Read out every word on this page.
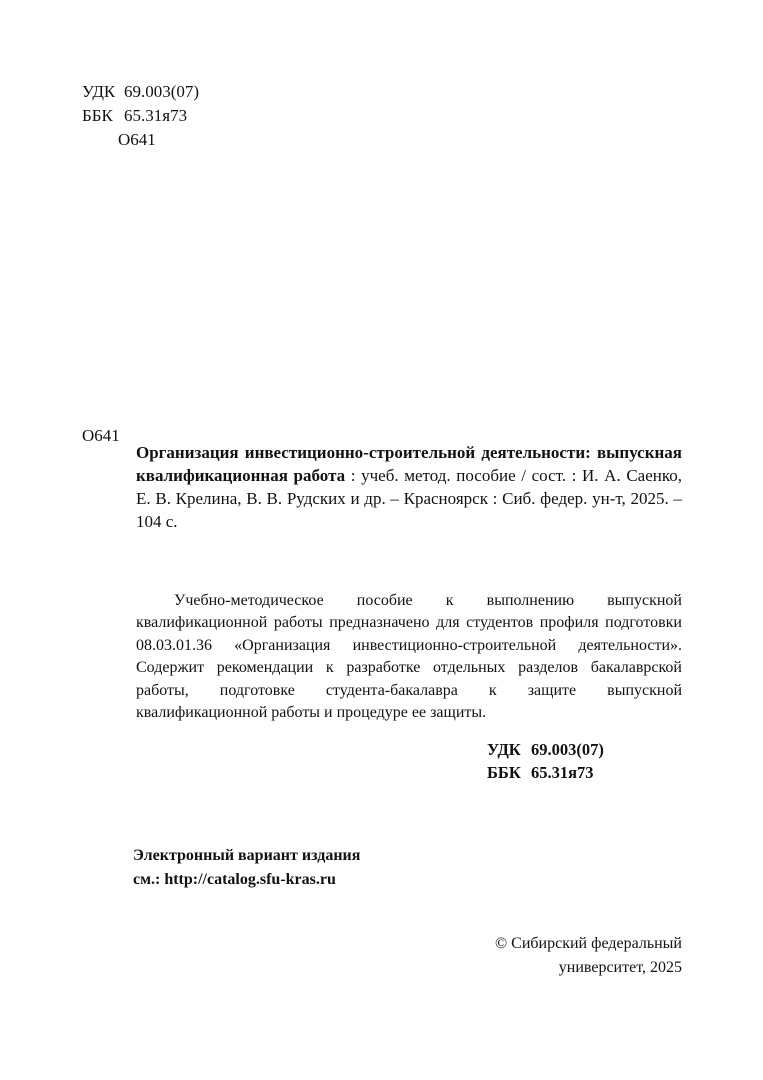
УДК 69.003(07)
ББК 65.31я73
О641
О641

Организация инвестиционно-строительной деятельности: выпускная квалификационная работа : учеб. метод. пособие / сост. : И. А. Саенко, Е. В. Крелина, В. В. Рудских и др. – Красноярск : Сиб. федер. ун-т, 2025. – 104 с.

Учебно-методическое пособие к выполнению выпускной квалификационной работы предназначено для студентов профиля подготовки 08.03.01.36 «Организация инвестиционно-строительной деятельности». Содержит рекомендации к разработке отдельных разделов бакалаврской работы, подготовке студента-бакалавра к защите выпускной квалификационной работы и процедуре ее защиты.

УДК 69.003(07)
ББК 65.31я73
Электронный вариант издания
см.: http://catalog.sfu-kras.ru
© Сибирский федеральный
университет, 2025
